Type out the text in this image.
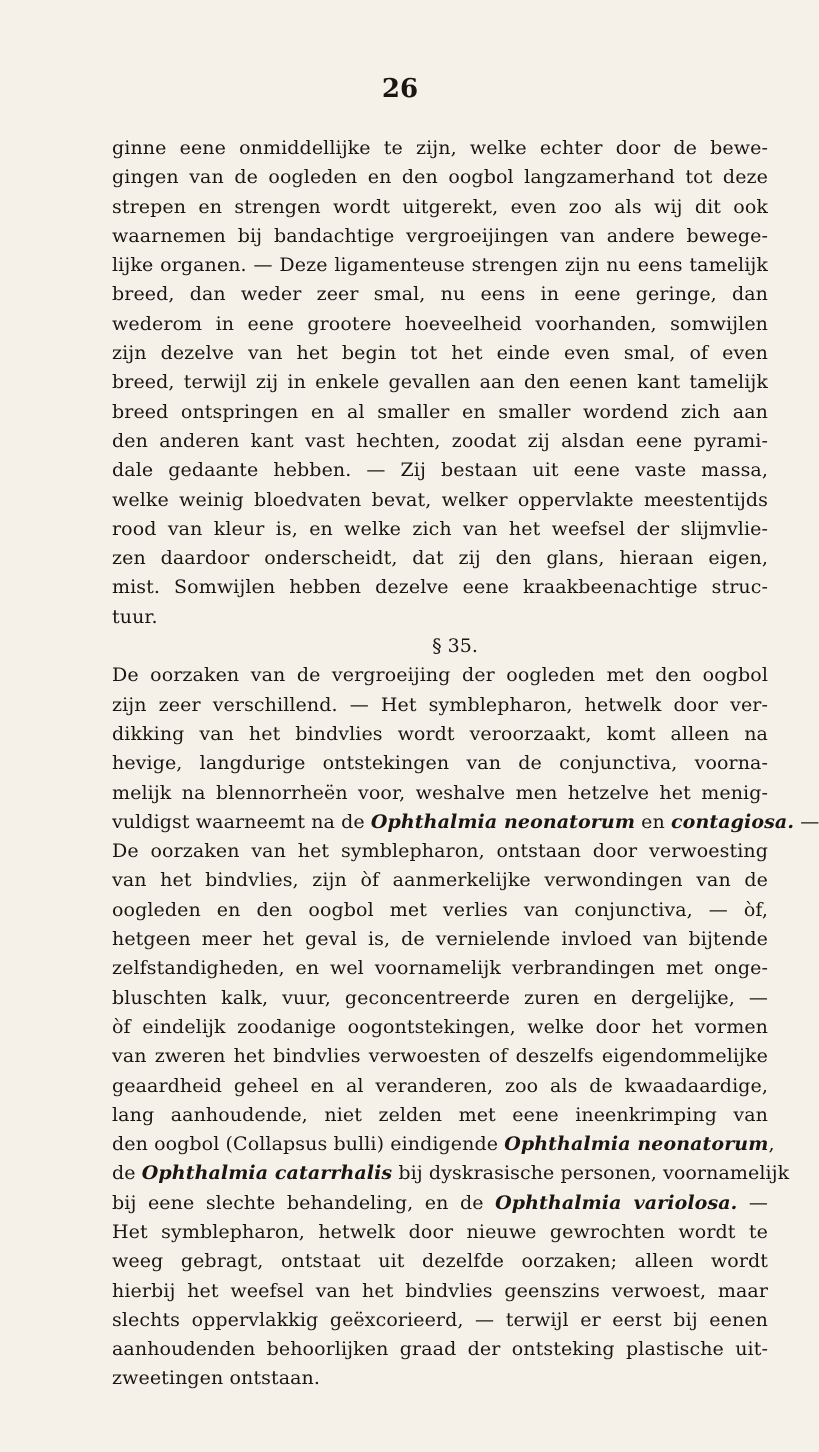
26
ginne eene onmiddellijke te zijn, welke echter door de bewe-
gingen van de oogleden en den oogbol langzamerhand tot deze
strepen en strengen wordt uitgerekt, even zoo als wij dit ook
waarnemen bij bandachtige vergroeijingen van andere bewege-
lijke organen. — Deze ligamenteuse strengen zijn nu eens tamelijk
breed, dan weder zeer smal, nu eens in eene geringe, dan
wederom in eene grootere hoeveelheid voorhanden, somwijlen
zijn dezelve van het begin tot het einde even smal, of even
breed, terwijl zij in enkele gevallen aan den eenen kant tamelijk
breed ontspringen en al smaller en smaller wordend zich aan
den anderen kant vast hechten, zoodat zij alsdan eene pyrami-
dale gedaante hebben. — Zij bestaan uit eene vaste massa,
welke weinig bloedvaten bevat, welker oppervlakte meestentijds
rood van kleur is, en welke zich van het weefsel der slijmvlie-
zen daardoor onderscheidt, dat zij den glans, hieraan eigen,
mist. Somwijlen hebben dezelve eene kraakbeenachtige struc-
tuur.
§ 35.
De oorzaken van de vergroeijing der oogleden met den oogbol
zijn zeer verschillend. — Het symblepharon, hetwelk door ver-
dikking van het bindvlies wordt veroorzaakt, komt alleen na
hevige, langdurige ontstekingen van de conjunctiva, voorna-
melijk na blennorrheën voor, weshalve men hetzelve het menig-
vuldigst waarneemt na de Ophthalmia neonatorum en contagiosa. —
De oorzaken van het symblepharon, ontstaan door verwoesting
van het bindvlies, zijn òf aanmerkelijke verwondingen van de
oogleden en den oogbol met verlies van conjunctiva, — òf,
hetgeen meer het geval is, de vernielende invloed van bijtende
zelfstandigheden, en wel voornamelijk verbrandingen met onge-
bluschten kalk, vuur, geconcentreerde zuren en dergelijke, —
òf eindelijk zoodanige oogontstekingen, welke door het vormen
van zweren het bindvlies verwoesten of deszelfs eigendommelijke
geaardheid geheel en al veranderen, zoo als de kwaadaardige,
lang aanhoudende, niet zelden met eene ineenkrimping van
den oogbol (Collapsus bulli) eindigende Ophthalmia neonatorum,
de Ophthalmia catarrhalis bij dyskrasische personen, voornamelijk
bij eene slechte behandeling, en de Ophthalmia variolosa. —
Het symblepharon, hetwelk door nieuwe gewrochten wordt te
weeg gebragt, ontstaat uit dezelfde oorzaken; alleen wordt
hierbij het weefsel van het bindvlies geenszins verwoest, maar
slechts oppervlakkig geëxcorieerd, — terwijl er eerst bij eenen
aanhoudenden behoorlijken graad der ontsteking plastische uit-
zweetingen ontstaan.
